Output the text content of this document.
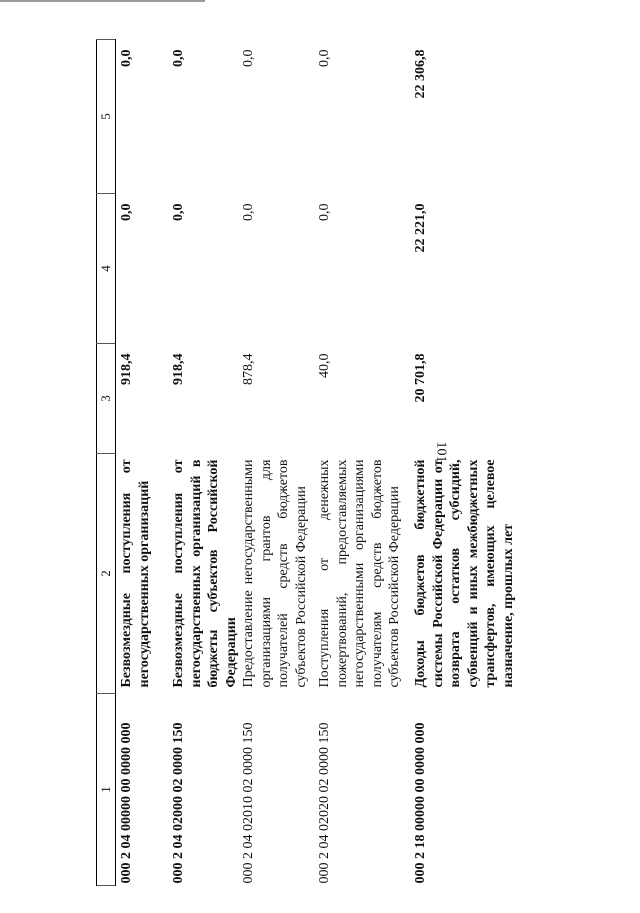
101
1	2	3	4	5
000 2 04 00000 00 0000 000	Безвозмездные поступления от негосударственных организаций	918,4	0,0	0,0
000 2 04 02000 02 0000 150	Безвозмездные поступления от негосударственных организаций в бюджеты субъектов Российской Федерации	918,4	0,0	0,0
000 2 04 02010 02 0000 150	Предоставление негосударственными организациями грантов для получателей средств бюджетов субъектов Российской Федерации	878,4	0,0	0,0
000 2 04 02020 02 0000 150	Поступления от денежных пожертвований, предоставляемых негосударственными организациями получателям средств бюджетов субъектов Российской Федерации	40,0	0,0	0,0
000 2 18 00000 00 0000 000	Доходы бюджетов бюджетной системы Российской Федерации от возврата остатков субсидий, субвенций и иных межбюджетных трансфертов, имеющих целевое назначение, прошлых лет	20 701,8	22 221,0	22 306,8
